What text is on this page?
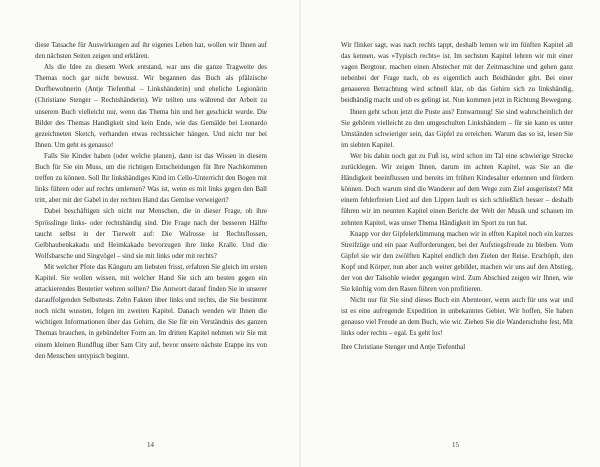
diese Tatsache für Auswirkungen auf ihr eigenes Leben hat, wollen wir Ihnen auf den nächsten Seiten zeigen und erklären.

Als die Idee zu diesem Werk entstand, war uns die ganze Tragweite des Themas noch gar nicht bewusst. Wir begannen das Buch als pfälzische Dorfbewohnerin (Antje Tiefenthal – Linkshänderin) und eheliche Legionärin (Christiane Stenger – Rechtshänderin). Wir teilten uns während der Arbeit zu unserem Buch vielleicht nur, wenn das Thema hin und her geschickt wurde. Die Bilder des Themas Handigkeit sind kein Ende, wie das Gemälde bei Leonardo gezeichneten Sketch, verhanden etwas rechtssicher hängen. Und nicht nur bei Ihnen. Um geht es genauso!

Falls Sie Kinder haben (oder welche planen), dann ist das Wissen in diesem Buch für Sie ein Muss, um die richtigen Entscheidungen für Ihre Nachkommen treffen zu können. Soll Ihr linkshändiges Kind im Cello-Unterricht den Bogen mit links führen oder auf rechts umlernen? Was ist, wenn es mit links gegen den Ball tritt, aber mit der Gabel in der rechten Hand das Gemüse verweigert?

Dabei beschäftigen sich nicht nur Menschen, die in dieser Frage, ob ihre Sprösslinge links- oder rechtshändig sind. Die Frage nach der besseren Hälfte taucht selbst in der Tierwelt auf: Die Walrosse ist Rechtsflossen, Gelbhaubenkakadu und Heimkakadu bevorzugen ihre linke Kralle. Und die Wolfsbarsche und Singvögel – sind sie mit links oder mit rechts?

Mit welcher Pfote das Känguru am liebsten frisst, erfahren Sie gleich im ersten Kapitel. Sie wollen wissen, mit welcher Hand Sie sich am besten gegen ein attackierendes Beutetier wehren sollten? Die Antwort darauf finden Sie in unserer darauffolgenden Selbsttests. Zehn Fakten über links und rechts, die Sie bestimmt noch nicht wussten, folgen im zweiten Kapitel. Danach wenden wir Ihnen die wichtigen Informationen über das Gehirn, die Sie für ein Verständnis des ganzen Themas brauchen, in gebündelter Form an. Im dritten Kapitel nehmen wir Sie mit einem kleinen Rundflug über Sam City auf, bevor unsere nächste Etappe ins von den Menschen untypisch beginnt.

14

Wir flinker sagt, was nach rechts tappt, deshalb lernen wir im fünften Kapitel all das kennen, was »Typisch rechts« ist. Im sechsten Kapitel lehren wir mit einer vagen Bergtour, machen einen Abstecher mit der Zeitmaschine und gehen ganz nebenbei der Frage nach, ob es eigentlich auch Beidhänder gibt. Bei einer genaueren Betrachtung wird schnell klar, ob das Gehirn sich zu linkshändig, beidhändig macht und ob es gelingt ist. Nun kommen jetzt in Richtung Bewegung.

Ihnen geht schon jetzt die Puste aus? Entwarnung! Sie sind wahrscheinlich der Sie gehören vielleicht zu den umgeschulten Linkshändern – für sie kann es unter Umständen schwieriger sein, das Gipfel zu erreichen. Warum das so ist, lesen Sie im siebten Kapitel.

Wer bis dahin noch gut zu Fuß ist, wird schon im Tal eine schwierige Strecke zurücklegen. Wir zeigen Ihnen, darum im achten Kapitel, was Sie an die Händigkeit beeinflussen und bereits im frühen Kindesalter erkennen und fördern können. Doch warum sind die Wanderer auf dem Wege zum Ziel ausgerüstet? Mit einem fehlerfreien Lied auf den Lippen lauft es sich schließlich besser – deshalb führen wir im neunten Kapitel einen Bericht der Welt der Musik und schauen im zehnten Kapitel, was unser Thema Händigkeit im Sport zu tun hat.

Knapp vor der Gipfelerklimmung machen wir in elften Kapitel noch ein kurzes Streifzüge und ein paar Aufforderungen, bei der Aufstiegsfreude zu bleiben. Vom Gipfel sie wir den zwölften Kapitel endlich den Zielen der Reise. Erschöpft, den Kopf und Körper, nun aber auch weiter gebildet, machen wir uns auf den Abstieg, der von der Talsohle wieder gegangen wird. Zum Abschied zeigen wir Ihnen, wie Sie künftig vom den Rasen führen von profitieren.

Nicht nur für Sie sind dieses Buch ein Abenteuer, wenn auch für uns war und ist es eine aufregende Expedition in unbekanntes Gebiet. Wir hoffen, Sie haben genauso viel Freude an dem Buch, wie wir. Ziehen Sie die Wanderschuhe fest, Mit links oder rechts – egal. Es geht los!

Ihre Christiane Stenger und Antje Tiefenthal

15
